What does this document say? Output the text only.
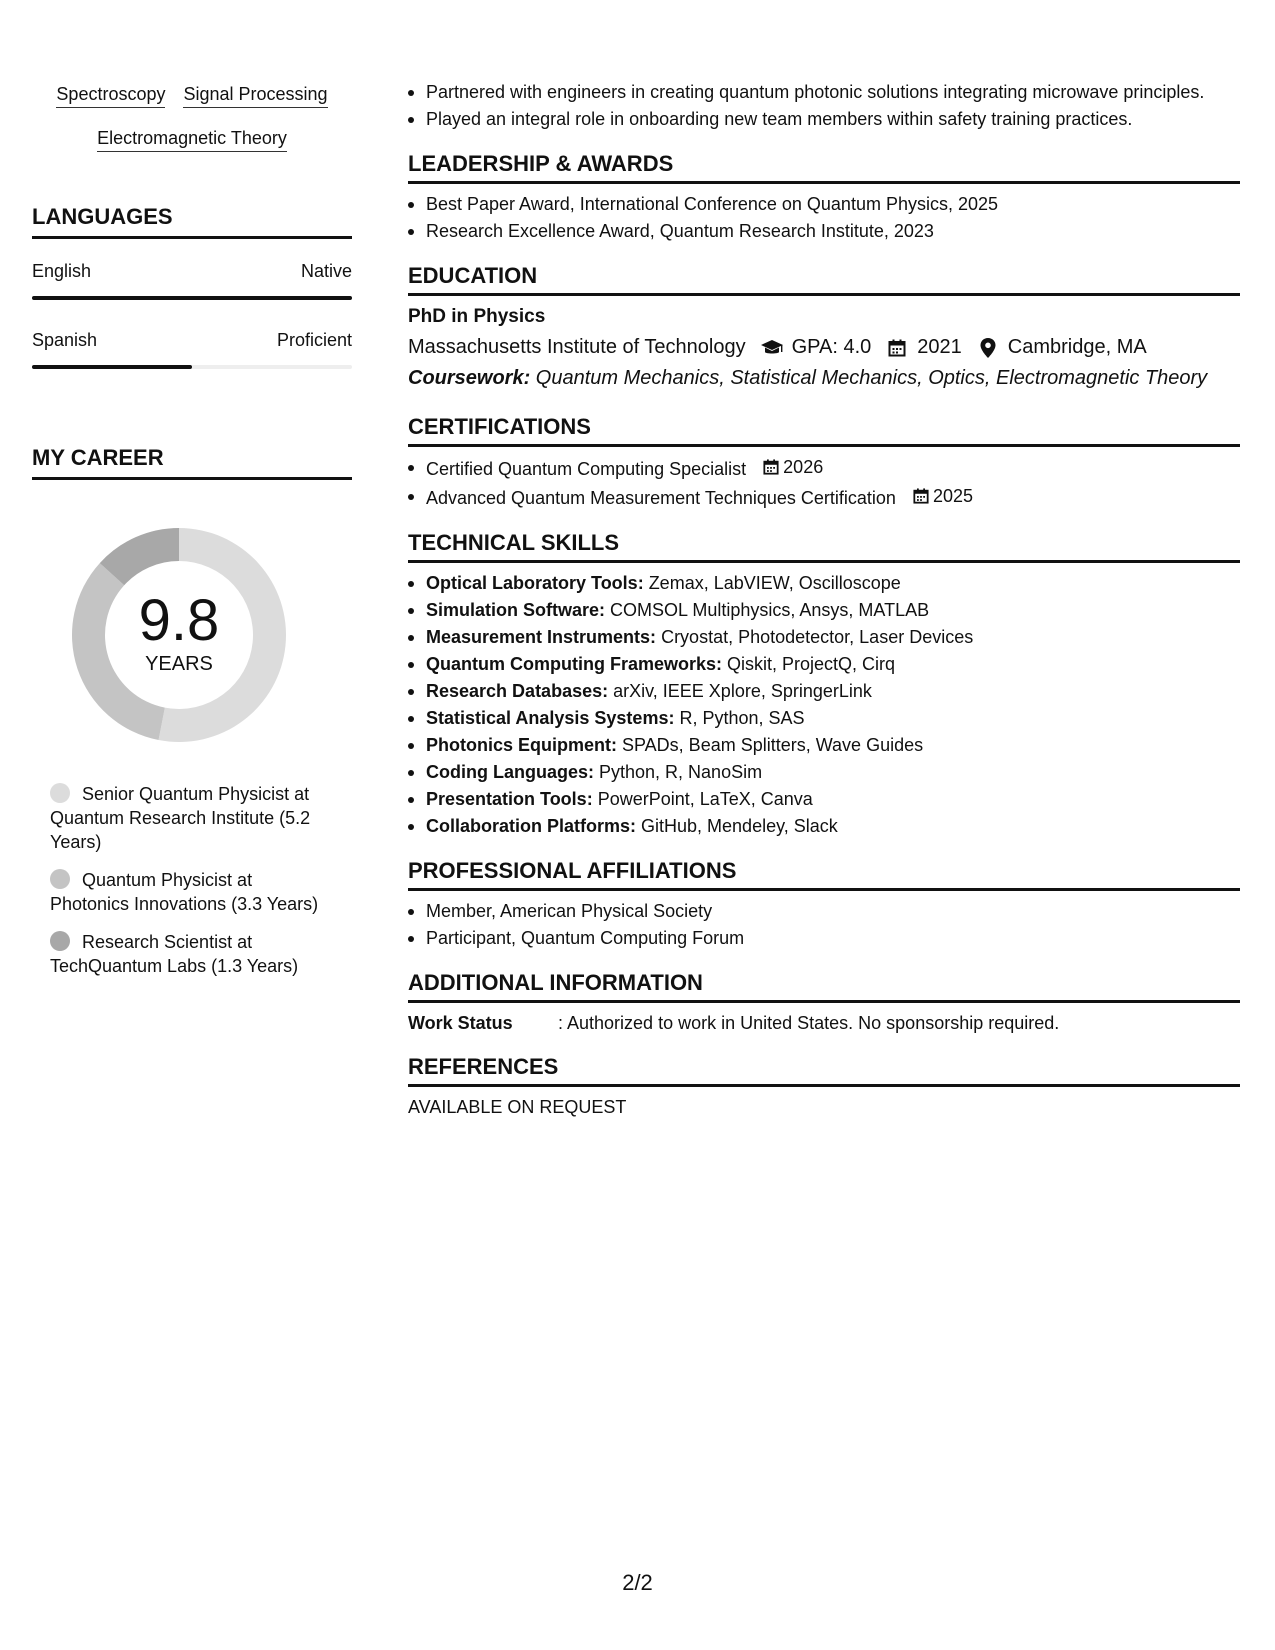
Spectroscopy Signal Processing
Electromagnetic Theory
LANGUAGES
English	Native
Spanish	Proficient
MY CAREER
9.8
YEARS
Senior Quantum Physicist at Quantum Research Institute (5.2 Years)
Quantum Physicist at Photonics Innovations (3.3 Years)
Research Scientist at TechQuantum Labs (1.3 Years)
Partnered with engineers in creating quantum photonic solutions integrating microwave principles.
Played an integral role in onboarding new team members within safety training practices.
LEADERSHIP & AWARDS
Best Paper Award, International Conference on Quantum Physics, 2025
Research Excellence Award, Quantum Research Institute, 2023
EDUCATION
PhD in Physics
Massachusetts Institute of Technology GPA: 4.0 2021 Cambridge, MA
Coursework: Quantum Mechanics, Statistical Mechanics, Optics, Electromagnetic Theory
CERTIFICATIONS
Certified Quantum Computing Specialist 2026
Advanced Quantum Measurement Techniques Certification 2025
TECHNICAL SKILLS
Optical Laboratory Tools: Zemax, LabVIEW, Oscilloscope
Simulation Software: COMSOL Multiphysics, Ansys, MATLAB
Measurement Instruments: Cryostat, Photodetector, Laser Devices
Quantum Computing Frameworks: Qiskit, ProjectQ, Cirq
Research Databases: arXiv, IEEE Xplore, SpringerLink
Statistical Analysis Systems: R, Python, SAS
Photonics Equipment: SPADs, Beam Splitters, Wave Guides
Coding Languages: Python, R, NanoSim
Presentation Tools: PowerPoint, LaTeX, Canva
Collaboration Platforms: GitHub, Mendeley, Slack
PROFESSIONAL AFFILIATIONS
Member, American Physical Society
Participant, Quantum Computing Forum
ADDITIONAL INFORMATION
Work Status	: Authorized to work in United States. No sponsorship required.
REFERENCES
AVAILABLE ON REQUEST
2/2
